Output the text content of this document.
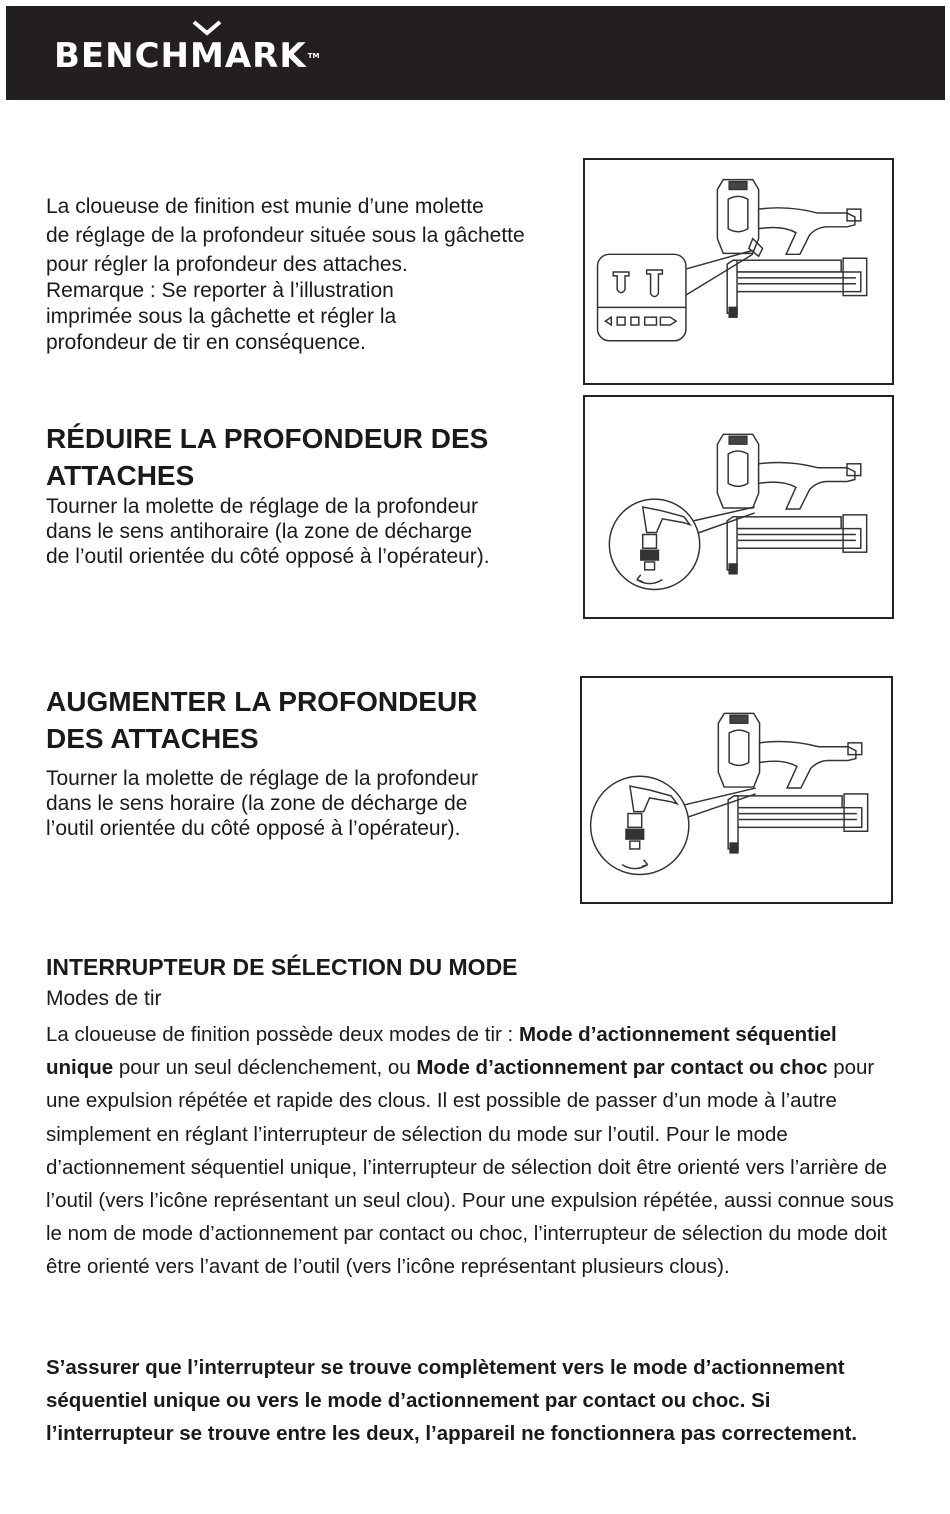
BENCH
MARKTM
La cloueuse de finition est munie d’une molette
de réglage de la profondeur située sous la gâchette
pour régler la profondeur des attaches.
Remarque : Se reporter à l’illustration
imprimée sous la gâchette et régler la
profondeur de tir en conséquence.
RÉDUIRE LA PROFONDEUR DES
ATTACHES
Tourner la molette de réglage de la profondeur
dans le sens antihoraire (la zone de décharge
de l’outil orientée du côté opposé à l’opérateur).
AUGMENTER LA PROFONDEUR
DES ATTACHES
Tourner la molette de réglage de la profondeur
dans le sens horaire (la zone de décharge de
l’outil orientée du côté opposé à l’opérateur).
INTERRUPTEUR DE SÉLECTION DU MODE
Modes de tir

La cloueuse de finition possède deux modes de tir : Mode d’actionnement séquentiel unique pour un seul déclenchement, ou Mode d’actionnement par contact ou choc pour une expulsion répétée et rapide des clous. Il est possible de passer d’un mode à l’autre simplement en réglant l’interrupteur de sélection du mode sur l’outil. Pour le mode d’actionnement séquentiel unique, l’interrupteur de sélection doit être orienté vers l’arrière de l’outil (vers l’icône représentant un seul clou). Pour une expulsion répétée, aussi connue sous le nom de mode d’actionnement par contact ou choc, l’interrupteur de sélection du mode doit être orienté vers l’avant de l’outil (vers l’icône représentant plusieurs clous).

S’assurer que l’interrupteur se trouve complètement vers le mode d’actionnement séquentiel unique ou vers le mode d’actionnement par contact ou choc. Si l’interrupteur se trouve entre les deux, l’appareil ne fonctionnera pas correctement.
